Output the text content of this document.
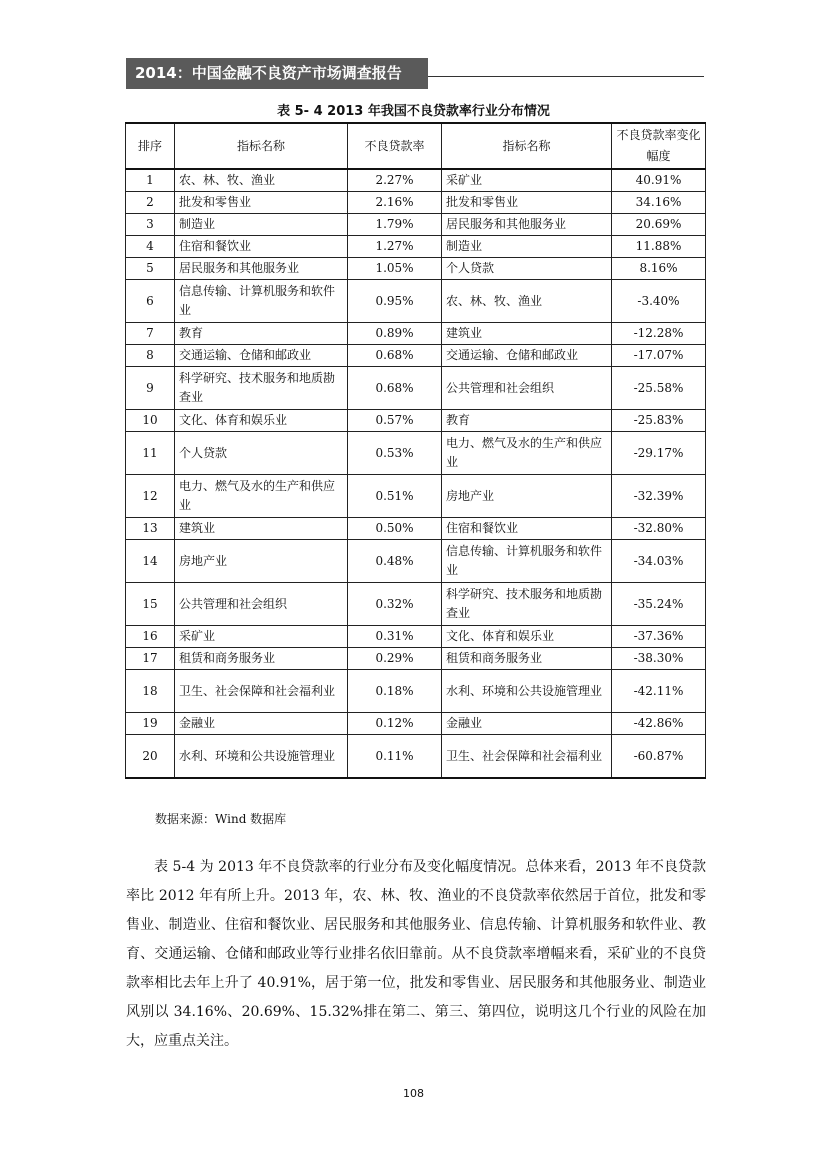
2014：中国金融不良资产市场调查报告
表 5- 4 2013 年我国不良贷款率行业分布情况
排序	指标名称	不良贷款率	指标名称	不良贷款率变化幅度
1	农、林、牧、渔业	2.27%	采矿业	40.91%
2	批发和零售业	2.16%	批发和零售业	34.16%
3	制造业	1.79%	居民服务和其他服务业	20.69%
4	住宿和餐饮业	1.27%	制造业	11.88%
5	居民服务和其他服务业	1.05%	个人贷款	8.16%
6	信息传输、计算机服务和软件业	0.95%	农、林、牧、渔业	-3.40%
7	教育	0.89%	建筑业	-12.28%
8	交通运输、仓储和邮政业	0.68%	交通运输、仓储和邮政业	-17.07%
9	科学研究、技术服务和地质勘查业	0.68%	公共管理和社会组织	-25.58%
10	文化、体育和娱乐业	0.57%	教育	-25.83%
11	个人贷款	0.53%	电力、燃气及水的生产和供应业	-29.17%
12	电力、燃气及水的生产和供应业	0.51%	房地产业	-32.39%
13	建筑业	0.50%	住宿和餐饮业	-32.80%
14	房地产业	0.48%	信息传输、计算机服务和软件业	-34.03%
15	公共管理和社会组织	0.32%	科学研究、技术服务和地质勘查业	-35.24%
16	采矿业	0.31%	文化、体育和娱乐业	-37.36%
17	租赁和商务服务业	0.29%	租赁和商务服务业	-38.30%
18	卫生、社会保障和社会福利业	0.18%	水利、环境和公共设施管理业	-42.11%
19	金融业	0.12%	金融业	-42.86%
20	水利、环境和公共设施管理业	0.11%	卫生、社会保障和社会福利业	-60.87%
数据来源：Wind 数据库

表 5-4 为 2013 年不良贷款率的行业分布及变化幅度情况。总体来看，2013 年不良贷款率比 2012 年有所上升。2013 年，农、林、牧、渔业的不良贷款率依然居于首位，批发和零售业、制造业、住宿和餐饮业、居民服务和其他服务业、信息传输、计算机服务和软件业、教育、交通运输、仓储和邮政业等行业排名依旧靠前。从不良贷款率增幅来看，采矿业的不良贷款率相比去年上升了 40.91%，居于第一位，批发和零售业、居民服务和其他服务业、制造业风别以 34.16%、20.69%、15.32%排在第二、第三、第四位，说明这几个行业的风险在加大，应重点关注。

108
